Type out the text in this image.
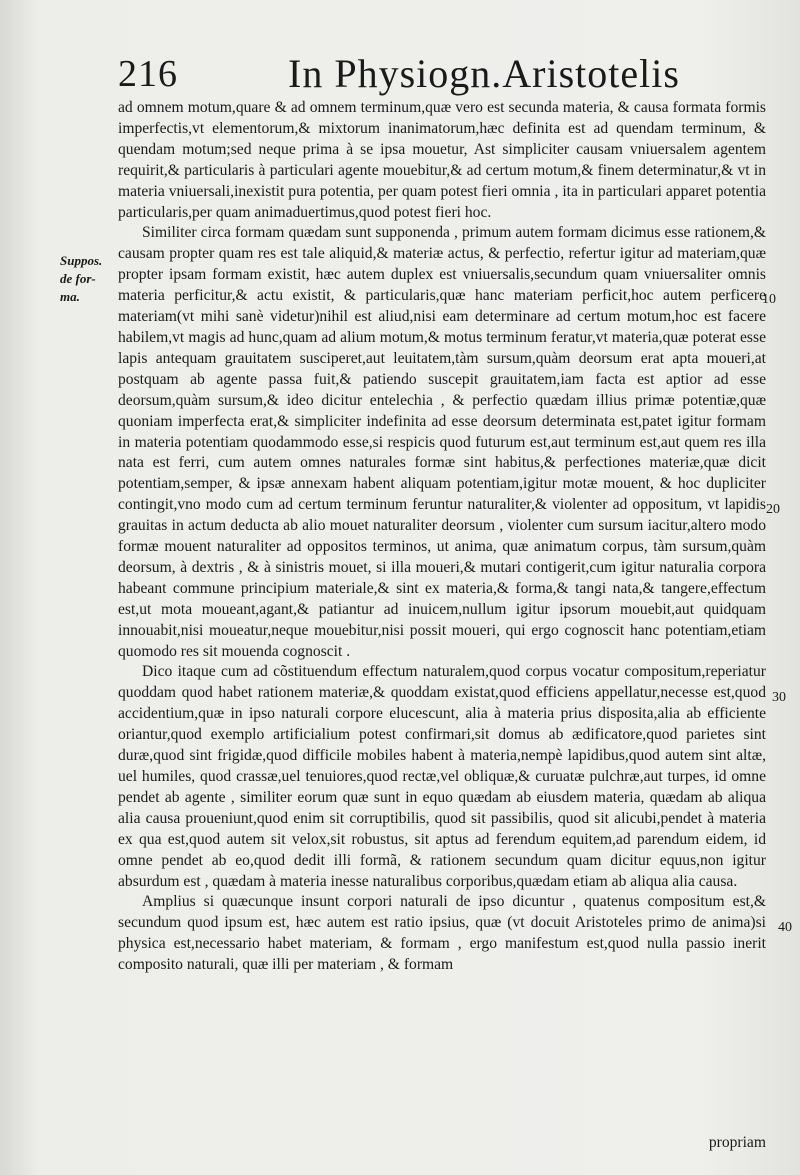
216	In Physiogn.Aristotelis
Suppos.
de for-
ma.	10
20
30
40

ad omnem motum,quare & ad omnem terminum,quæ vero est secunda materia, & causa formata formis imperfectis,vt elementorum,& mixtorum inanimatorum,hæc definita est ad quendam terminum, & quendam motum;sed neque prima à se ipsa mouetur, Ast simpliciter causam vniuersalem agentem requirit,& particularis à particulari agente mouebitur,& ad certum motum,& finem determinatur,& vt in materia vniuersali,inexistit pura potentia, per quam potest fieri omnia , ita in particulari apparet potentia particularis,per quam animaduertimus,quod potest fieri hoc.

Similiter circa formam quædam sunt supponenda , primum autem formam dicimus esse rationem,& causam propter quam res est tale aliquid,& materiæ actus, & perfectio, refertur igitur ad materiam,quæ propter ipsam formam existit, hæc autem duplex est vniuersalis,secundum quam vniuersaliter omnis materia perficitur,& actu existit, & particularis,quæ hanc materiam perficit,hoc autem perficere materiam(vt mihi sanè videtur)nihil est aliud,nisi eam determinare ad certum motum,hoc est facere habilem,vt magis ad hunc,quam ad alium motum,& motus terminum feratur,vt materia,quæ poterat esse lapis antequam grauitatem susciperet,aut leuitatem,tàm sursum,quàm deorsum erat apta moueri,at postquam ab agente passa fuit,& patiendo suscepit grauitatem,iam facta est aptior ad esse deorsum,quàm sursum,& ideo dicitur entelechia , & perfectio quædam illius primæ potentiæ,quæ quoniam imperfecta erat,& simpliciter indefinita ad esse deorsum determinata est,patet igitur formam in materia potentiam quodammodo esse,si respicis quod futurum est,aut terminum est,aut quem res illa nata est ferri, cum autem omnes naturales formæ sint habitus,& perfectiones materiæ,quæ dicit potentiam,semper, & ipsæ annexam habent aliquam potentiam,igitur motæ mouent, & hoc dupliciter contingit,vno modo cum ad certum terminum feruntur naturaliter,& violenter ad oppositum, vt lapidis grauitas in actum deducta ab alio mouet naturaliter deorsum , violenter cum sursum iacitur,altero modo formæ mouent naturaliter ad oppositos terminos, ut anima, quæ animatum corpus, tàm sursum,quàm deorsum, à dextris , & à sinistris mouet, si illa moueri,& mutari contigerit,cum igitur naturalia corpora habeant commune principium materiale,& sint ex materia,& forma,& tangi nata,& tangere,effectum est,ut mota moueant,agant,& patiantur ad inuicem,nullum igitur ipsorum mouebit,aut quidquam innouabit,nisi moueatur,neque mouebitur,nisi possit moueri, qui ergo cognoscit hanc potentiam,etiam quomodo res sit mouenda cognoscit .

Dico itaque cum ad cõstituendum effectum naturalem,quod corpus vocatur compositum,reperiatur quoddam quod habet rationem materiæ,& quoddam existat,quod efficiens appellatur,necesse est,quod accidentium,quæ in ipso naturali corpore elucescunt, alia à materia prius disposita,alia ab efficiente oriantur,quod exemplo artificialium potest confirmari,sit domus ab ædificatore,quod parietes sint duræ,quod sint frigidæ,quod difficile mobiles habent à materia,nempè lapidibus,quod autem sint altæ, uel humiles, quod crassæ,uel tenuiores,quod rectæ,vel obliquæ,& curuatæ pulchræ,aut turpes, id omne pendet ab agente , similiter eorum quæ sunt in equo quædam ab eiusdem materia, quædam ab aliqua alia causa proueniunt,quod enim sit corruptibilis, quod sit passibilis, quod sit alicubi,pendet à materia ex qua est,quod autem sit velox,sit robustus, sit aptus ad ferendum equitem,ad parendum eidem, id omne pendet ab eo,quod dedit illi formã, & rationem secundum quam dicitur equus,non igitur absurdum est , quædam à materia inesse naturalibus corporibus,quædam etiam ab aliqua alia causa.

Amplius si quæcunque insunt corpori naturali de ipso dicuntur , quatenus compositum est,& secundum quod ipsum est, hæc autem est ratio ipsius, quæ (vt docuit Aristoteles primo de anima)si physica est,necessario habet materiam, & formam , ergo manifestum est,quod nulla passio inerit composito naturali, quæ illi per materiam , & formam

propriam
